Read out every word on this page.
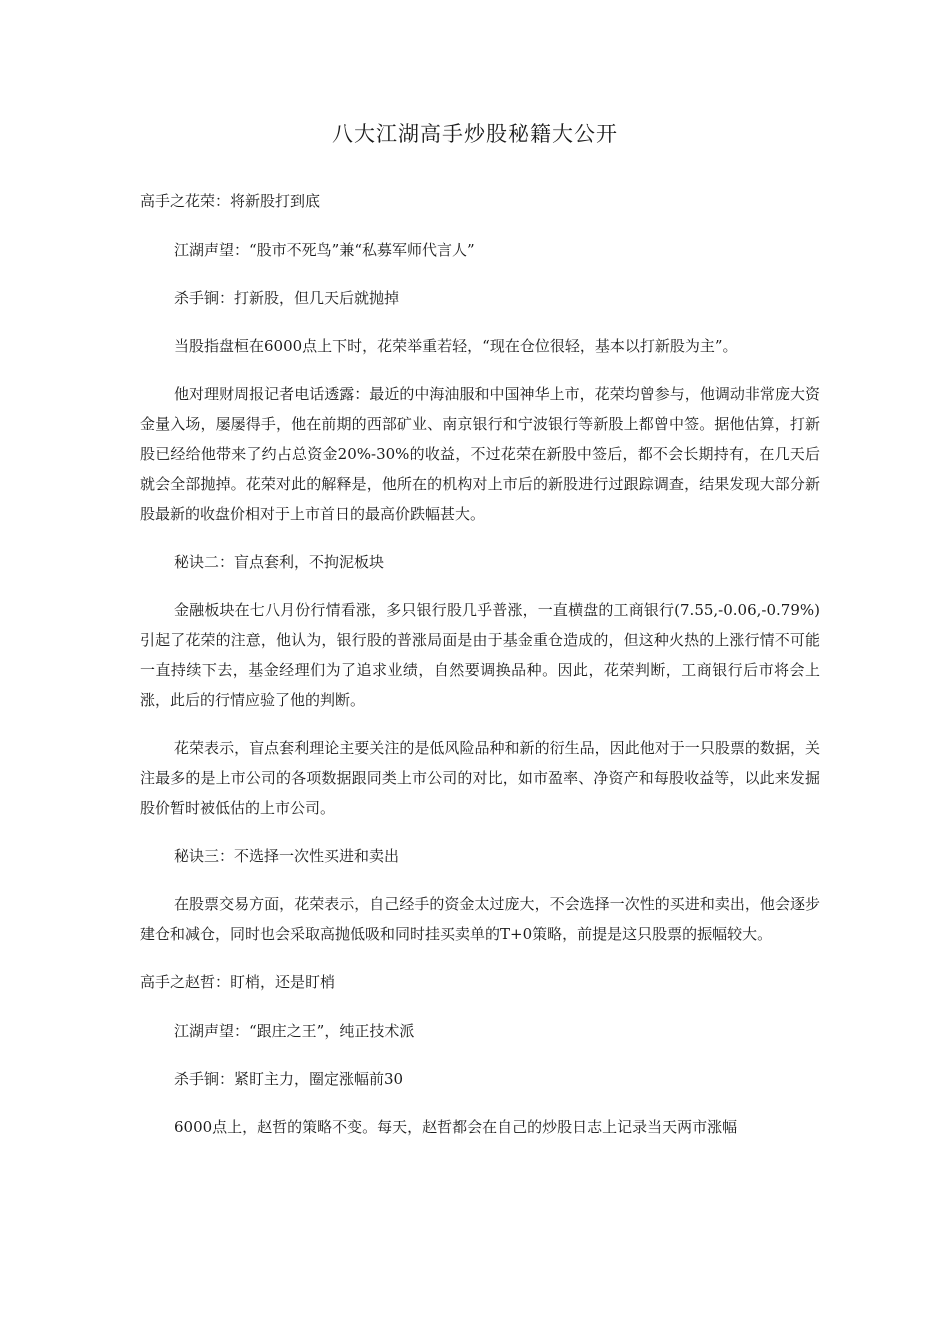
八大江湖高手炒股秘籍大公开

高手之花荣：将新股打到底

江湖声望：“股市不死鸟”兼“私募军师代言人”

杀手锏：打新股，但几天后就抛掉

当股指盘桓在6000点上下时，花荣举重若轻，“现在仓位很轻，基本以打新股为主”。

他对理财周报记者电话透露：最近的中海油服和中国神华上市，花荣均曾参与，他调动非常庞大资金量入场，屡屡得手，他在前期的西部矿业、南京银行和宁波银行等新股上都曾中签。据他估算，打新股已经给他带来了约占总资金20%-30%的收益，不过花荣在新股中签后，都不会长期持有，在几天后就会全部抛掉。花荣对此的解释是，他所在的机构对上市后的新股进行过跟踪调查，结果发现大部分新股最新的收盘价相对于上市首日的最高价跌幅甚大。

秘诀二：盲点套利，不拘泥板块

金融板块在七八月份行情看涨，多只银行股几乎普涨，一直横盘的工商银行(7.55,-0.06,-0.79%)引起了花荣的注意，他认为，银行股的普涨局面是由于基金重仓造成的，但这种火热的上涨行情不可能一直持续下去，基金经理们为了追求业绩，自然要调换品种。因此，花荣判断，工商银行后市将会上涨，此后的行情应验了他的判断。

花荣表示，盲点套利理论主要关注的是低风险品种和新的衍生品，因此他对于一只股票的数据，关注最多的是上市公司的各项数据跟同类上市公司的对比，如市盈率、净资产和每股收益等，以此来发掘股价暂时被低估的上市公司。

秘诀三：不选择一次性买进和卖出

在股票交易方面，花荣表示，自己经手的资金太过庞大，不会选择一次性的买进和卖出，他会逐步建仓和减仓，同时也会采取高抛低吸和同时挂买卖单的T+0策略，前提是这只股票的振幅较大。

高手之赵哲：盯梢，还是盯梢

江湖声望：“跟庄之王”，纯正技术派

杀手锏：紧盯主力，圈定涨幅前30

6000点上，赵哲的策略不变。每天，赵哲都会在自己的炒股日志上记录当天两市涨幅
